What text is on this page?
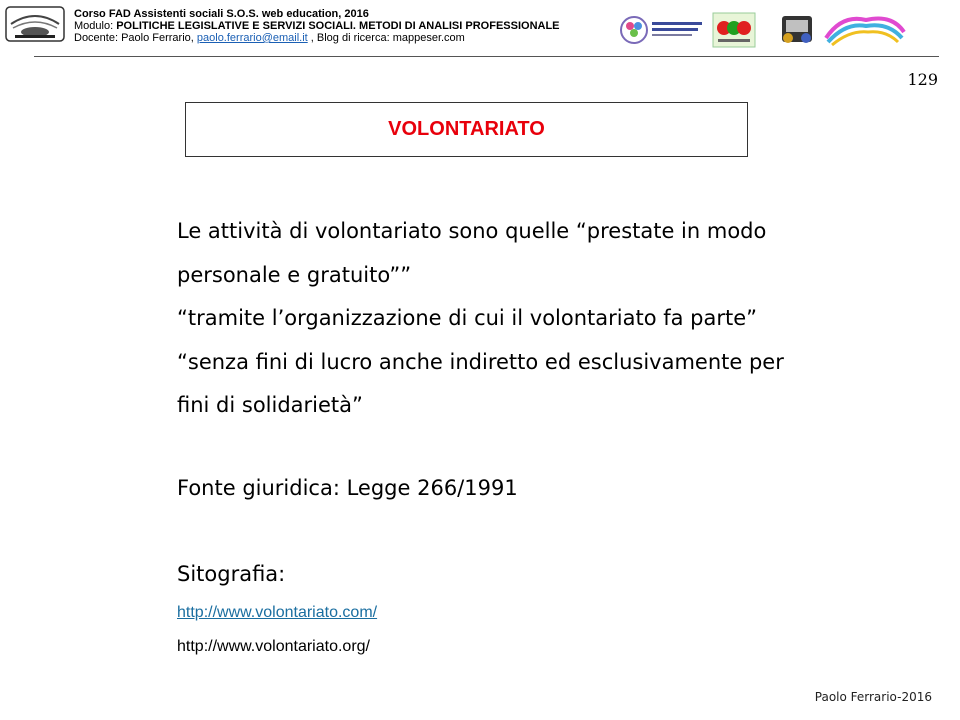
Corso FAD Assistenti sociali S.O.S. web education, 2016
Modulo: POLITICHE LEGISLATIVE E SERVIZI SOCIALI. METODI DI ANALISI PROFESSIONALE
Docente: Paolo Ferrario, paolo.ferrario@email.it , Blog di ricerca: mappeser.com
129
VOLONTARIATO

Le attività di volontariato sono quelle “prestate in modo

personale e gratuito””

“tramite l’organizzazione di cui il volontariato fa parte”

“senza fini di lucro anche indiretto ed esclusivamente per

fini di solidarietà”

Fonte giuridica: Legge 266/1991
Sitografia:
http://www.volontariato.com/
http://www.volontariato.org/
Paolo Ferrario-2016
